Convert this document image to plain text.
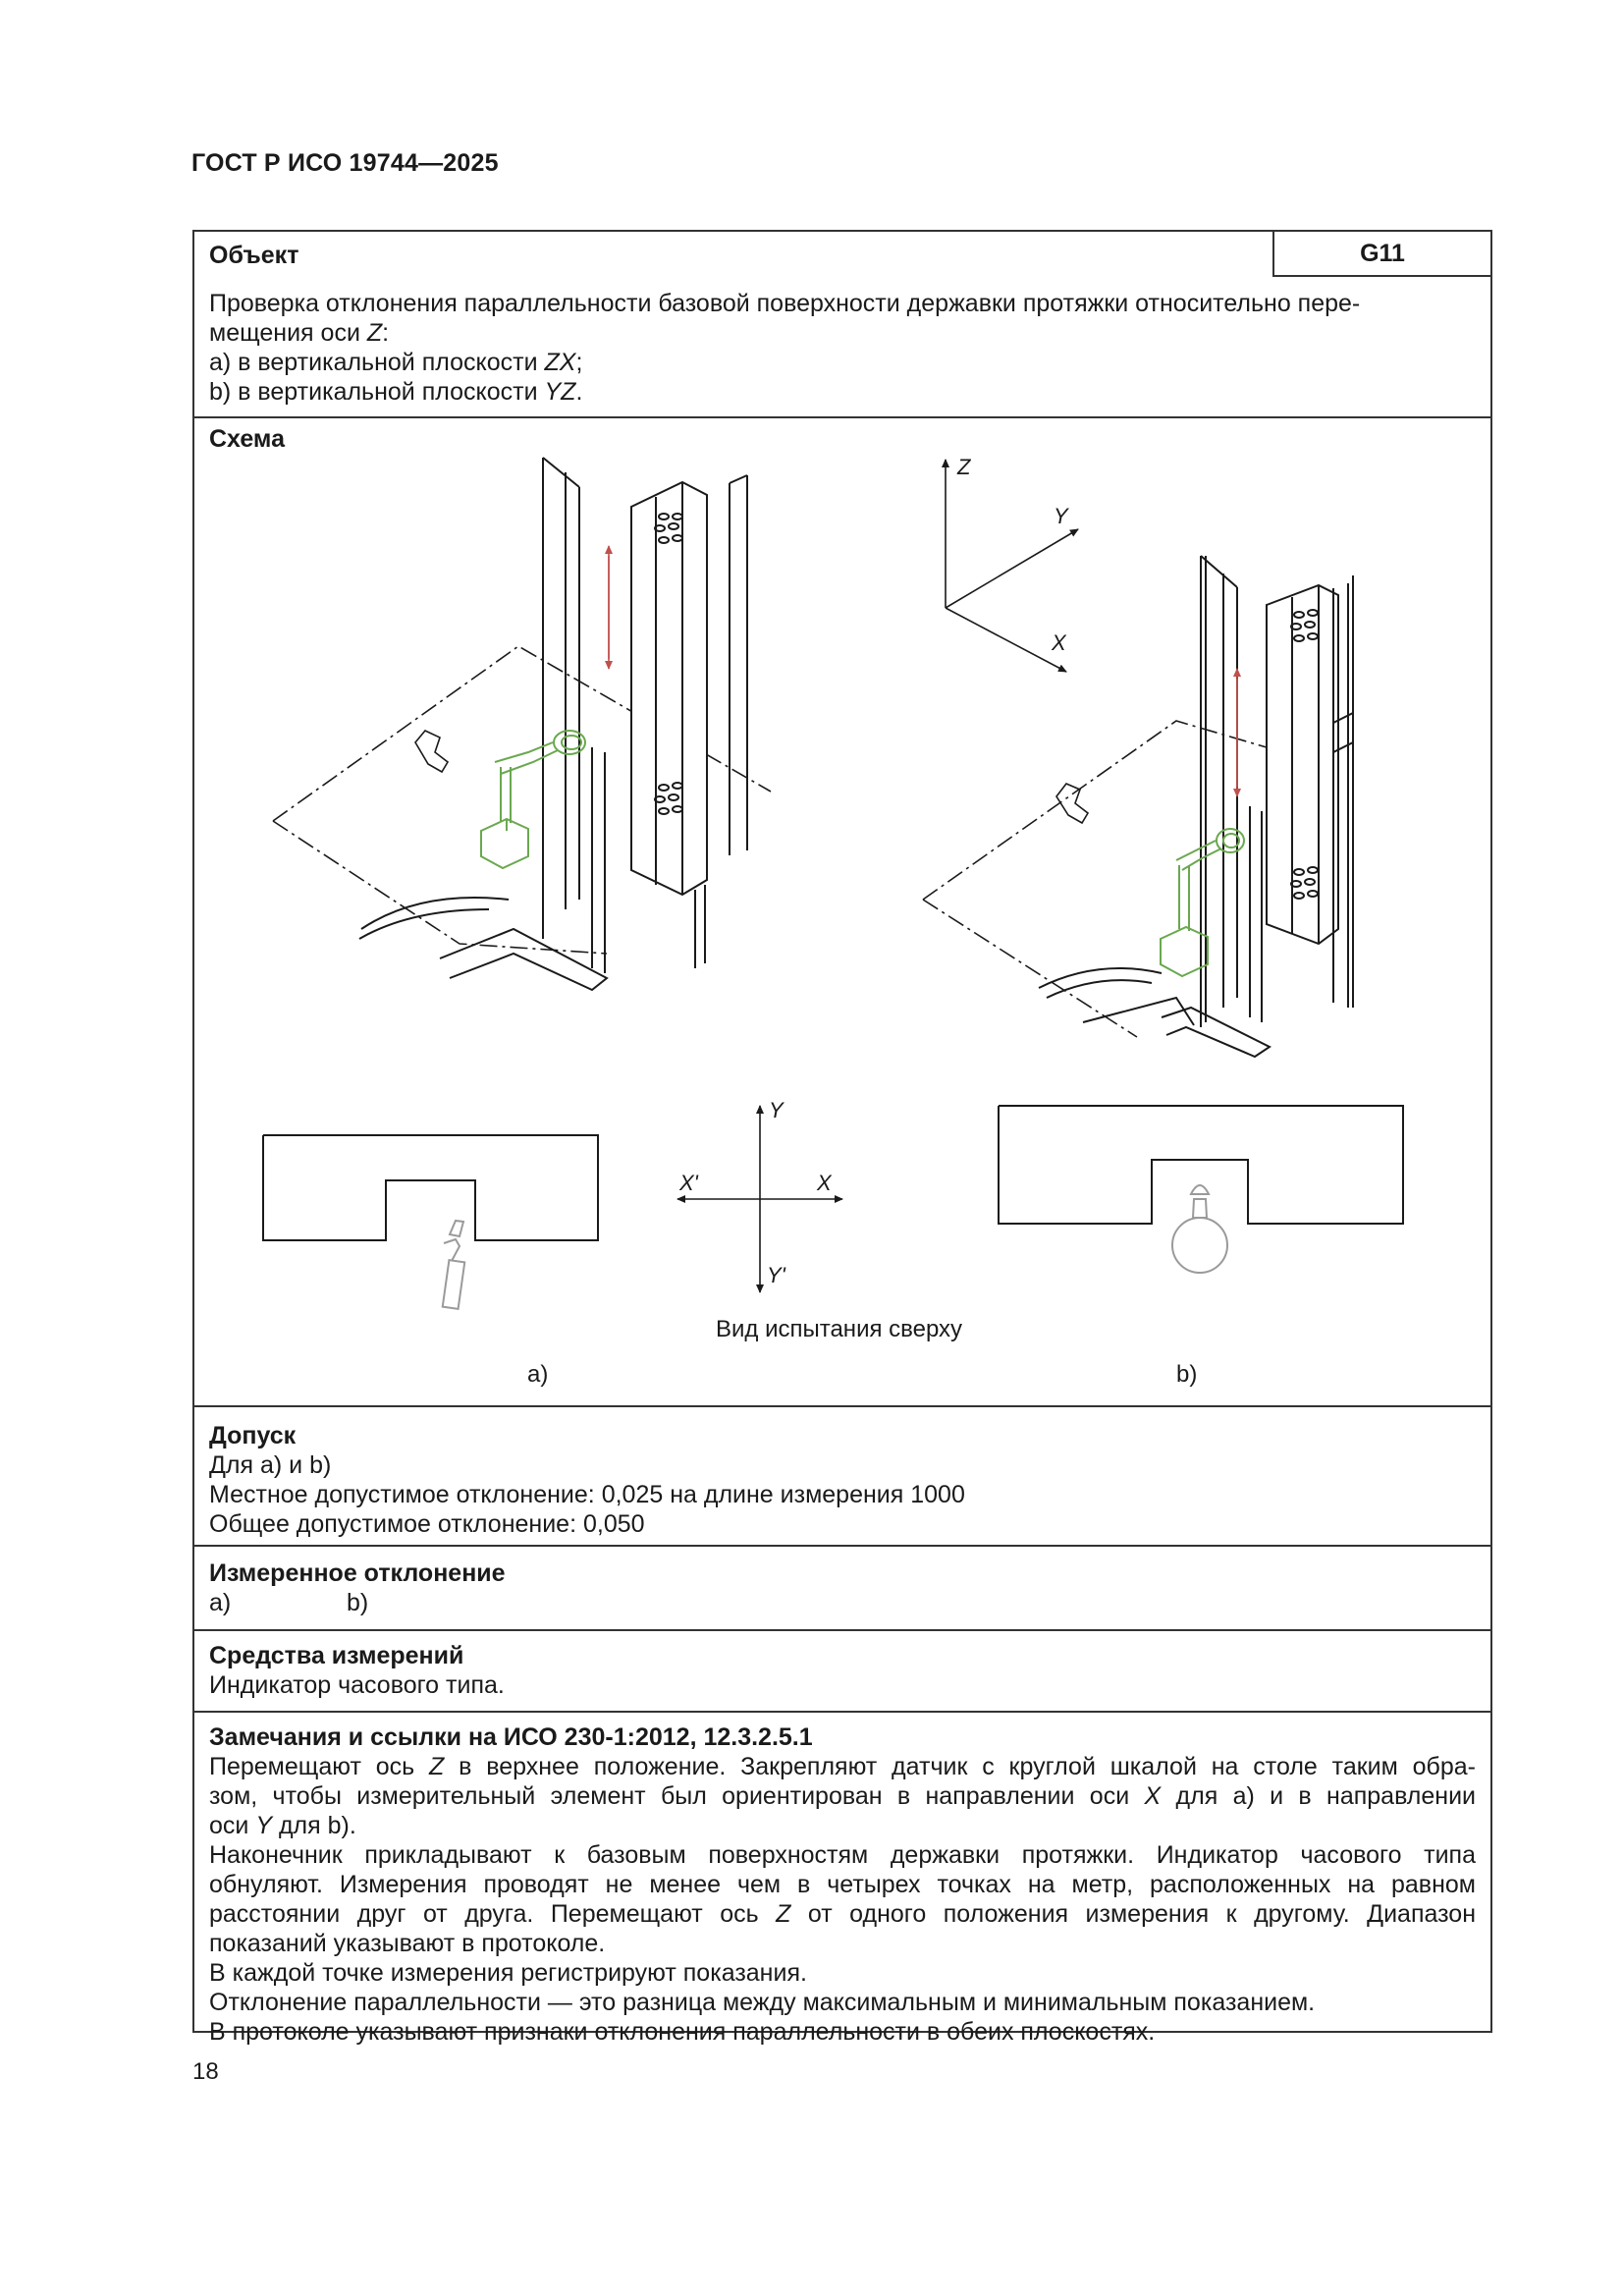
ГОСТ Р ИСО 19744—2025
Объект	G11
Проверка отклонения параллельности базовой поверхности державки протяжки относительно пере-
мещения оси Z:
a) в вертикальной плоскости ZX;
b) в вертикальной плоскости YZ.
Схема
Z
Y
X
Y
Y'
X
X'
Вид испытания сверху
a)	b)
Допуск
Для a) и b)
Местное допустимое отклонение: 0,025 на длине измерения 1000
Общее допустимое отклонение: 0,050
Измеренное отклонение
a)	b)
Средства измерений
Индикатор часового типа.
Замечания и ссылки на ИСО 230-1:2012, 12.3.2.5.1
Перемещают ось Z в верхнее положение. Закрепляют датчик с круглой шкалой на столе таким обра-
зом, чтобы измерительный элемент был ориентирован в направлении оси X для a) и в направлении
оси Y для b).
Наконечник прикладывают к базовым поверхностям державки протяжки. Индикатор часового типа
обнуляют. Измерения проводят не менее чем в четырех точках на метр, расположенных на равном
расстоянии друг от друга. Перемещают ось Z от одного положения измерения к другому. Диапазон
показаний указывают в протоколе.
В каждой точке измерения регистрируют показания.
Отклонение параллельности — это разница между максимальным и минимальным показанием.
В протоколе указывают признаки отклонения параллельности в обеих плоскостях.
18
